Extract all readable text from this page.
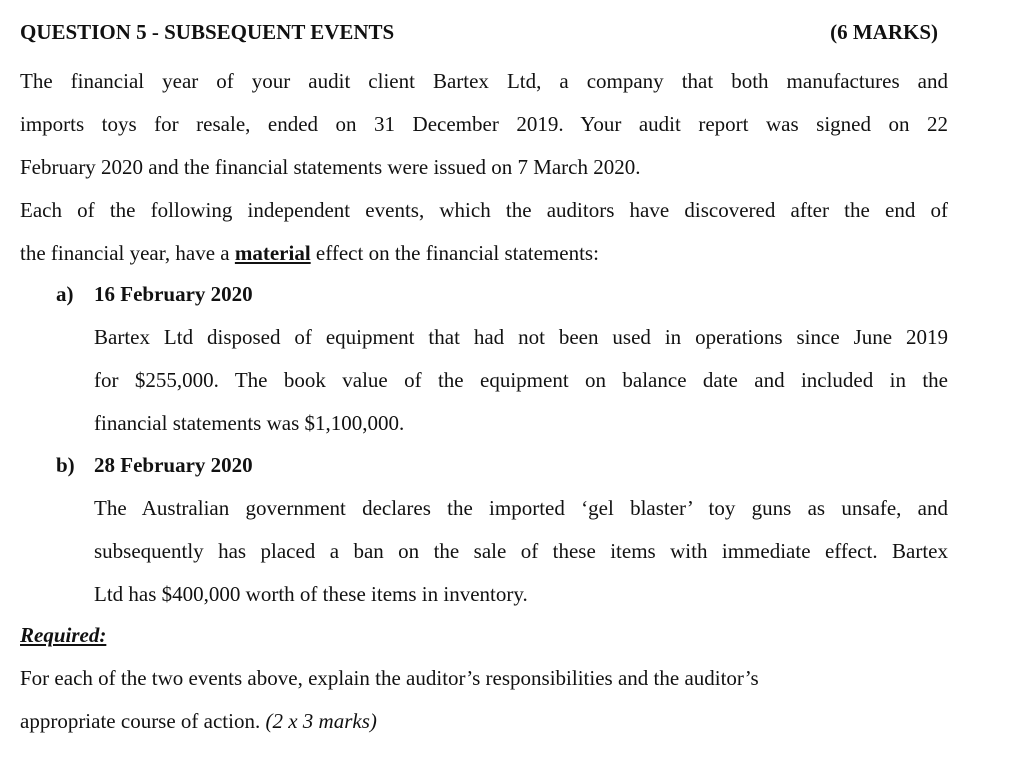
QUESTION 5 - SUBSEQUENT EVENTS	(6 MARKS)
The financial year of your audit client Bartex Ltd, a company that both manufactures and
imports toys for resale, ended on 31 December 2019. Your audit report was signed on 22
February 2020 and the financial statements were issued on 7 March 2020.
Each of the following independent events, which the auditors have discovered after the end of
the financial year, have a material effect on the financial statements:
a) 16 February 2020
Bartex Ltd disposed of equipment that had not been used in operations since June 2019
for $255,000. The book value of the equipment on balance date and included in the
financial statements was $1,100,000.
b) 28 February 2020
The Australian government declares the imported ‘gel blaster’ toy guns as unsafe, and
subsequently has placed a ban on the sale of these items with immediate effect. Bartex
Ltd has $400,000 worth of these items in inventory.
Required:
For each of the two events above, explain the auditor’s responsibilities and the auditor’s
appropriate course of action. (2 x 3 marks)
